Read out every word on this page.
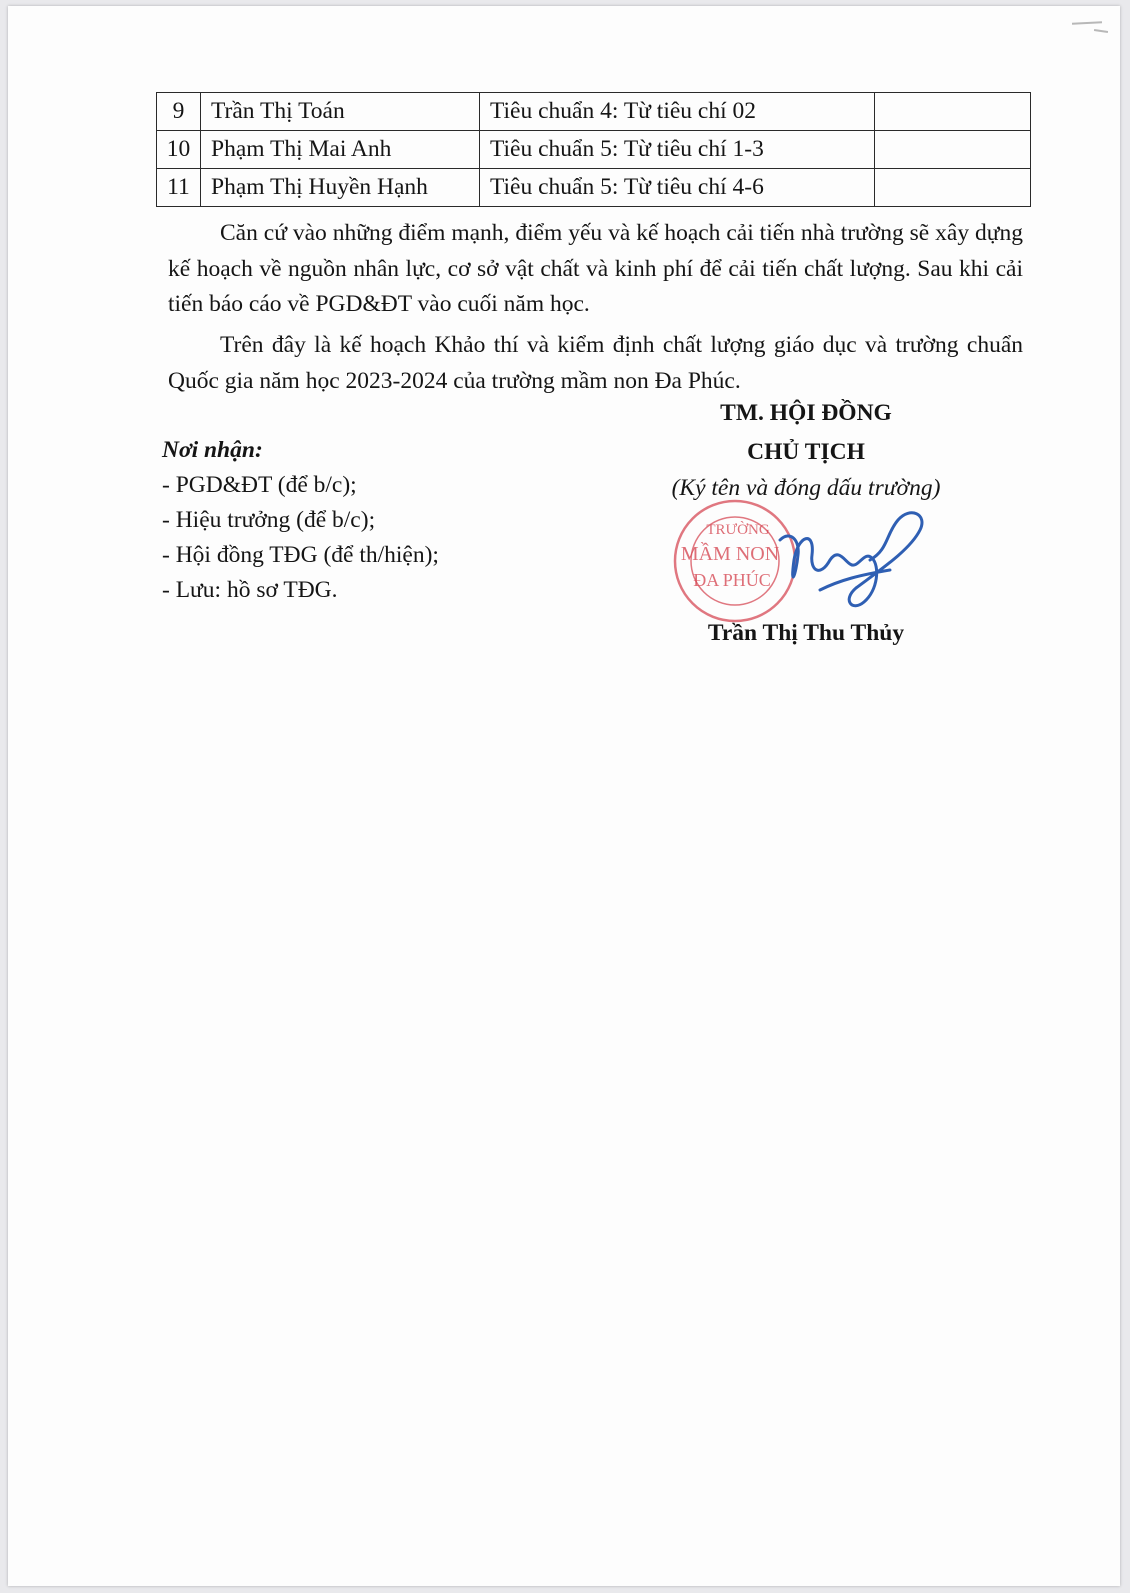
9	Trần Thị Toán	Tiêu chuẩn 4: Từ tiêu chí 02	
10	Phạm Thị Mai Anh	Tiêu chuẩn 5: Từ tiêu chí 1-3	
11	Phạm Thị Huyền Hạnh	Tiêu chuẩn 5: Từ tiêu chí 4-6	

Căn cứ vào những điểm mạnh, điểm yếu và kế hoạch cải tiến nhà trường sẽ xây dựng kế hoạch về nguồn nhân lực, cơ sở vật chất và kinh phí để cải tiến chất lượng. Sau khi cải tiến báo cáo về PGD&ĐT vào cuối năm học.

Trên đây là kế hoạch Khảo thí và kiểm định chất lượng giáo dục và trường chuẩn Quốc gia năm học 2023-2024 của trường mầm non Đa Phúc.

TM. HỘI ĐỒNG
CHỦ TỊCH
(Ký tên và đóng dấu trường)
Nơi nhận:
- PGD&ĐT (để b/c);
- Hiệu trưởng (để b/c);
- Hội đồng TĐG (để th/hiện);
- Lưu: hồ sơ TĐG.
TRƯỜNG
MẦM NON
ĐA PHÚC
Trần Thị Thu Thủy
